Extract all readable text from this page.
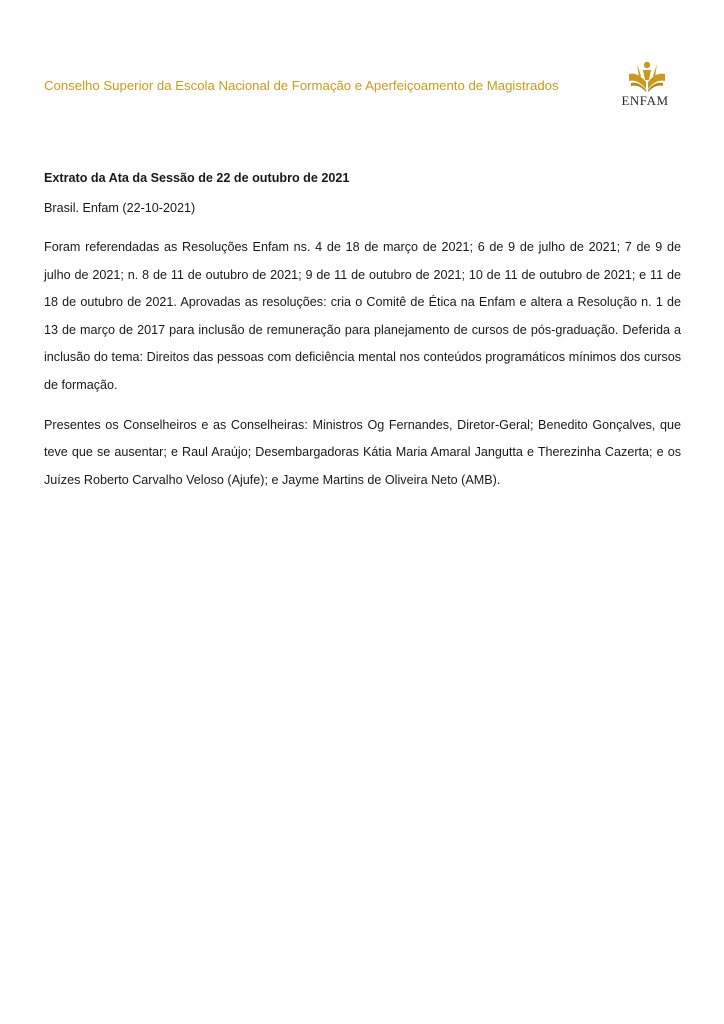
Conselho Superior da Escola Nacional de Formação e Aperfeiçoamento de Magistrados
ENFAM
Extrato da Ata da Sessão de 22 de outubro de 2021
Brasil. Enfam (22-10-2021)

Foram referendadas as Resoluções Enfam ns. 4 de 18 de março de 2021; 6 de 9 de julho de 2021; 7 de 9 de julho de 2021; n. 8 de 11 de outubro de 2021; 9 de 11 de outubro de 2021; 10 de 11 de outubro de 2021; e 11 de 18 de outubro de 2021. Aprovadas as resoluções: cria o Comitê de Ética na Enfam e altera a Resolução n. 1 de 13 de março de 2017 para inclusão de remuneração para planejamento de cursos de pós-graduação. Deferida a inclusão do tema: Direitos das pessoas com deficiência mental nos conteúdos programáticos mínimos dos cursos de formação.

Presentes os Conselheiros e as Conselheiras: Ministros Og Fernandes, Diretor-Geral; Benedito Gonçalves, que teve que se ausentar; e Raul Araújo; Desembargadoras Kátia Maria Amaral Jangutta e Therezinha Cazerta; e os Juízes Roberto Carvalho Veloso (Ajufe); e Jayme Martins de Oliveira Neto (AMB).
